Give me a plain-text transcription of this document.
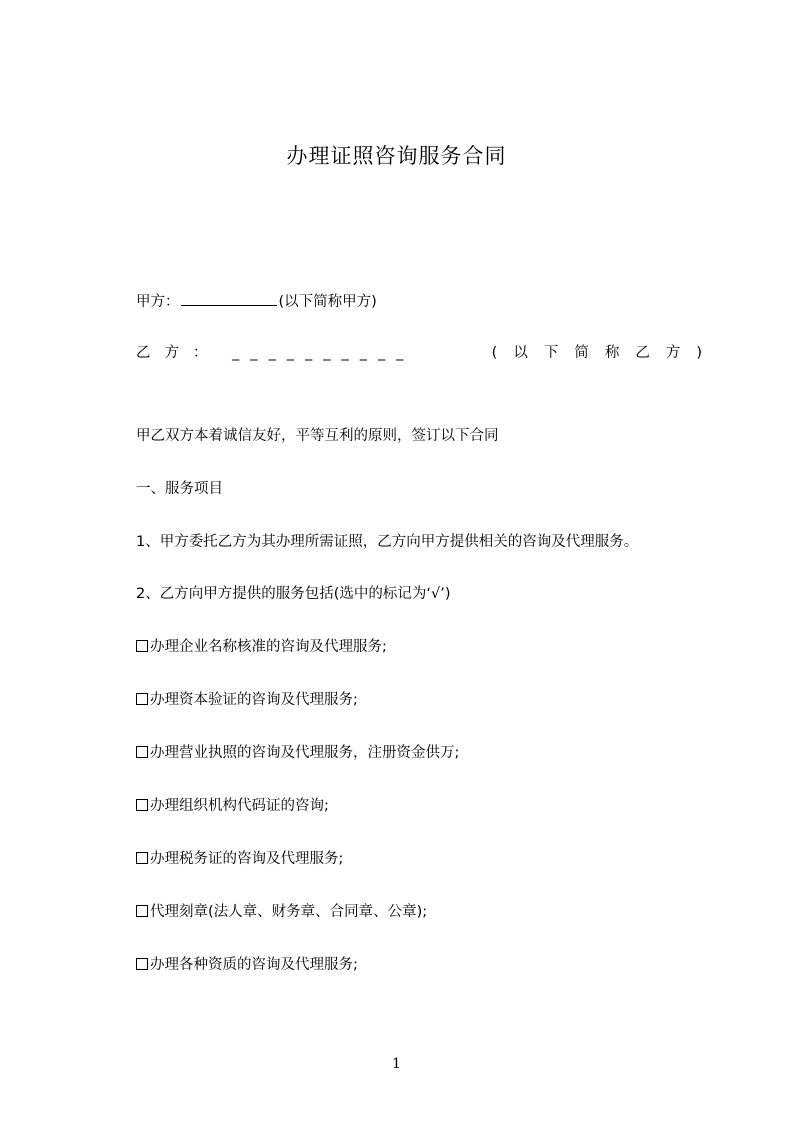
办理证照咨询服务合同
甲方：	(以下简称甲方)
乙方： __________	(以下简称乙方)
甲乙双方本着诚信友好，平等互利的原则，签订以下合同
一、服务项目
1、甲方委托乙方为其办理所需证照，乙方向甲方提供相关的咨询及代理服务。
2、乙方向甲方提供的服务包括(选中的标记为‘√’)
办理企业名称核准的咨询及代理服务;
办理资本验证的咨询及代理服务;
办理营业执照的咨询及代理服务，注册资金供万;
办理组织机构代码证的咨询;
办理税务证的咨询及代理服务;
代理刻章(法人章、财务章、合同章、公章);
办理各种资质的咨询及代理服务;
1
